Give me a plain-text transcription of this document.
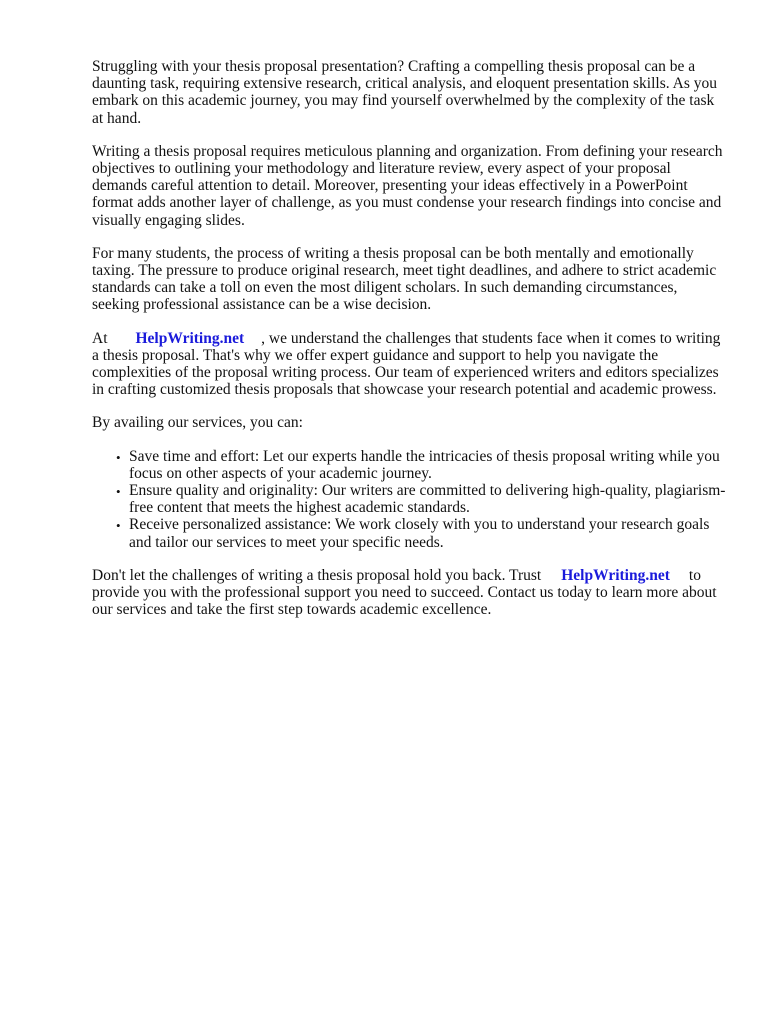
Struggling with your thesis proposal presentation? Crafting a compelling thesis proposal can be a daunting task, requiring extensive research, critical analysis, and eloquent presentation skills. As you embark on this academic journey, you may find yourself overwhelmed by the complexity of the task at hand.

Writing a thesis proposal requires meticulous planning and organization. From defining your research objectives to outlining your methodology and literature review, every aspect of your proposal demands careful attention to detail. Moreover, presenting your ideas effectively in a PowerPoint format adds another layer of challenge, as you must condense your research findings into concise and visually engaging slides.

For many students, the process of writing a thesis proposal can be both mentally and emotionally taxing. The pressure to produce original research, meet tight deadlines, and adhere to strict academic standards can take a toll on even the most diligent scholars. In such demanding circumstances, seeking professional assistance can be a wise decision.

At HelpWriting.net , we understand the challenges that students face when it comes to writing a thesis proposal. That's why we offer expert guidance and support to help you navigate the complexities of the proposal writing process. Our team of experienced writers and editors specializes in crafting customized thesis proposals that showcase your research potential and academic prowess.

By availing our services, you can:

• Save time and effort: Let our experts handle the intricacies of thesis proposal writing while you focus on other aspects of your academic journey.
• Ensure quality and originality: Our writers are committed to delivering high-quality, plagiarism-free content that meets the highest academic standards.
• Receive personalized assistance: We work closely with you to understand your research goals and tailor our services to meet your specific needs.

Don't let the challenges of writing a thesis proposal hold you back. Trust HelpWriting.net to provide you with the professional support you need to succeed. Contact us today to learn more about our services and take the first step towards academic excellence.
